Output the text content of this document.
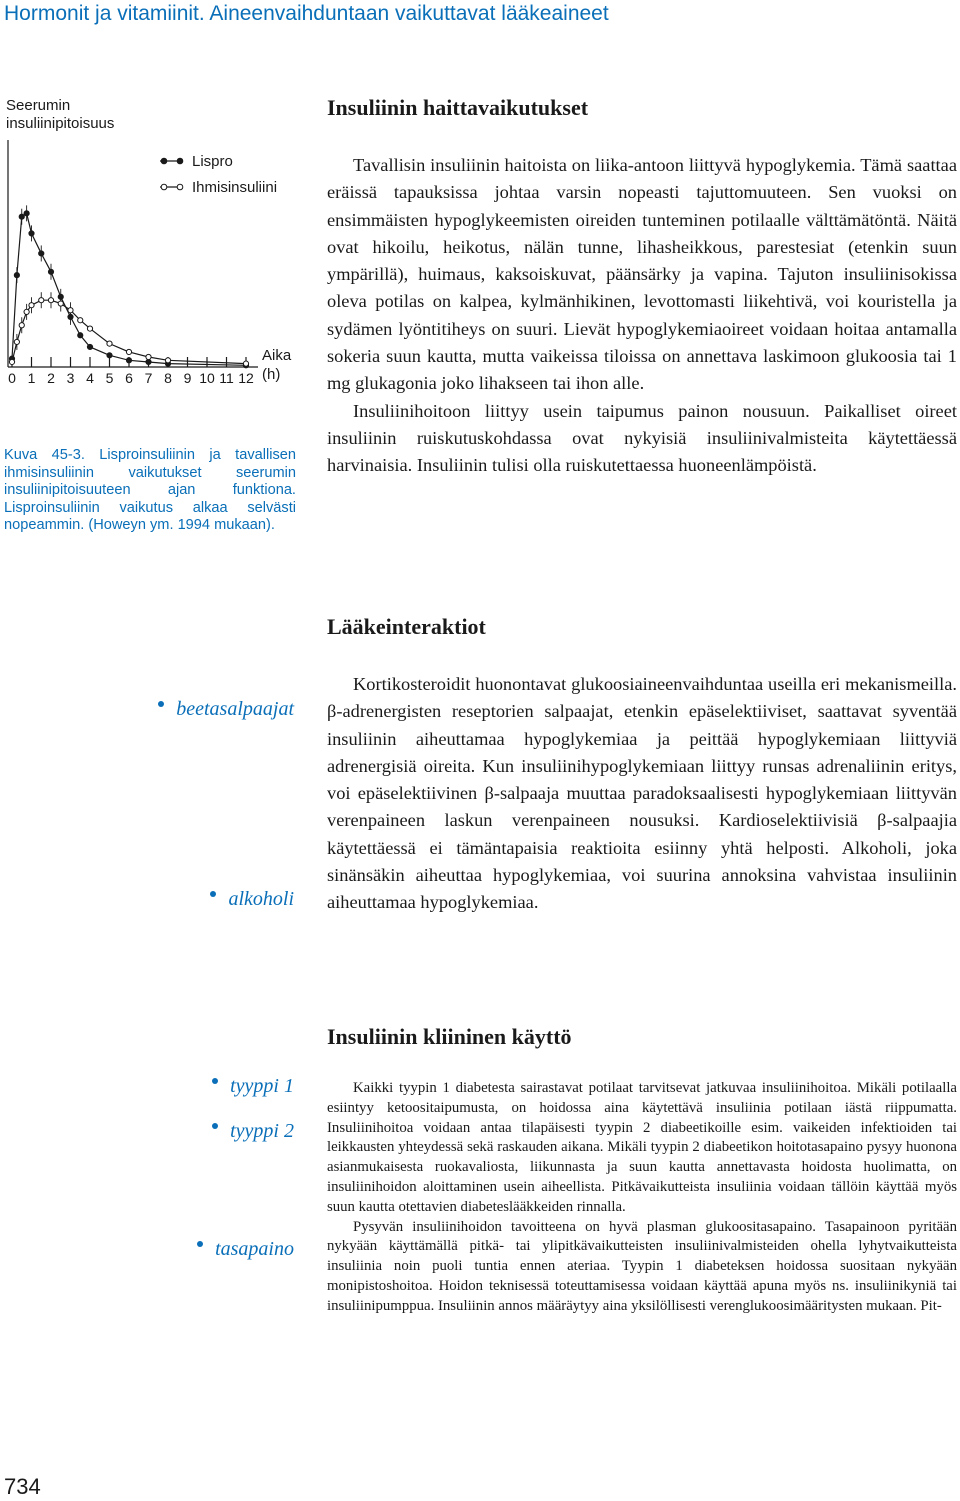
Hormonit ja vitamiinit. Aineenvaihduntaan vaikuttavat lääkeaineet
Seerumin
insuliinipitoisuus
Lispro
Ihmisinsuliini
0 1 2 3 4 5 6 7 8 9 10 11 12
Aika
(h)
Kuva 45-3. Lisproinsuliinin ja tavallisen ihmisinsuliinin vaikutukset seerumin insuliinipitoisuuteen ajan funktiona. Lisproinsuliinin vaikutus alkaa selvästi nopeammin. (Howeyn ym. 1994 mukaan).
Insuliinin haittavaikutukset

Tavallisin insuliinin haitoista on liika-antoon liittyvä hypoglykemia. Tämä saattaa eräissä tapauksissa johtaa varsin nopeasti tajuttomuuteen. Sen vuoksi on ensimmäisten hypoglykeemisten oireiden tunteminen potilaalle välttämätöntä. Näitä ovat hikoilu, heikotus, nälän tunne, lihasheikkous, parestesiat (etenkin suun ympärillä), huimaus, kaksoiskuvat, päänsärky ja vapina. Tajuton insuliinisokissa oleva potilas on kalpea, kylmänhikinen, levottomasti liikehtivä, voi kouristella ja sydämen lyöntitiheys on suuri. Lievät hypoglykemiaoireet voidaan hoitaa antamalla sokeria suun kautta, mutta vaikeissa tiloissa on annettava laskimoon glukoosia tai 1 mg glukagonia joko lihakseen tai ihon alle.

Insuliinihoitoon liittyy usein taipumus painon nousuun. Paikalliset oireet insuliinin ruiskutuskohdassa ovat nykyisiä insuliinivalmisteita käytettäessä harvinaisia. Insuliinin tulisi olla ruiskutettaessa huoneenlämpöistä.

Lääkeinteraktiot
beetasalpaajat
alkoholi

Kortikosteroidit huonontavat glukoosiaineenvaihduntaa useilla eri mekanismeilla. β-adrenergisten reseptorien salpaajat, etenkin epäselektiiviset, saattavat syventää insuliinin aiheuttamaa hypoglykemiaa ja peittää hypoglykemiaan liittyviä adrenergisiä oireita. Kun insuliinihypoglykemiaan liittyy runsas adrenaliinin eritys, voi epäselektiivinen β-salpaaja muuttaa paradoksaalisesti hypoglykemiaan liittyvän verenpaineen laskun verenpaineen nousuksi. Kardioselektiivisiä β-salpaajia käytettäessä ei tämäntapaisia reaktioita esiinny yhtä helposti. Alkoholi, joka sinänsäkin aiheuttaa hypoglykemiaa, voi suurina annoksina vahvistaa insuliinin aiheuttamaa hypoglykemiaa.

Insuliinin kliininen käyttö
tyyppi 1
tyyppi 2
tasapaino

Kaikki tyypin 1 diabetesta sairastavat potilaat tarvitsevat jatkuvaa insuliinihoitoa. Mikäli potilaalla esiintyy ketoositaipumusta, on hoidossa aina käytettävä insuliinia potilaan iästä riippumatta. Insuliinihoitoa voidaan antaa tilapäisesti tyypin 2 diabeetikoille esim. vaikeiden infektioiden tai leikkausten yhteydessä sekä raskauden aikana. Mikäli tyypin 2 diabeetikon hoitotasapaino pysyy huonona asianmukaisesta ruokavaliosta, liikunnasta ja suun kautta annettavasta hoidosta huolimatta, on insuliinihoidon aloittaminen usein aiheellista. Pitkävaikutteista insuliinia voidaan tällöin käyttää myös suun kautta otettavien diabeteslääkkeiden rinnalla.

Pysyvän insuliinihoidon tavoitteena on hyvä plasman glukoositasapaino. Tasapainoon pyritään nykyään käyttämällä pitkä- tai ylipitkävaikutteisten insuliinivalmisteiden ohella lyhytvaikutteista insuliinia noin puoli tuntia ennen ateriaa. Tyypin 1 diabeteksen hoidossa suositaan nykyään monipistoshoitoa. Hoidon teknisessä toteuttamisessa voidaan käyttää apuna myös ns. insuliinikyniä tai insuliinipumppua. Insuliinin annos määräytyy aina yksilöllisesti verenglukoosimääritysten mukaan. Pit-

734
